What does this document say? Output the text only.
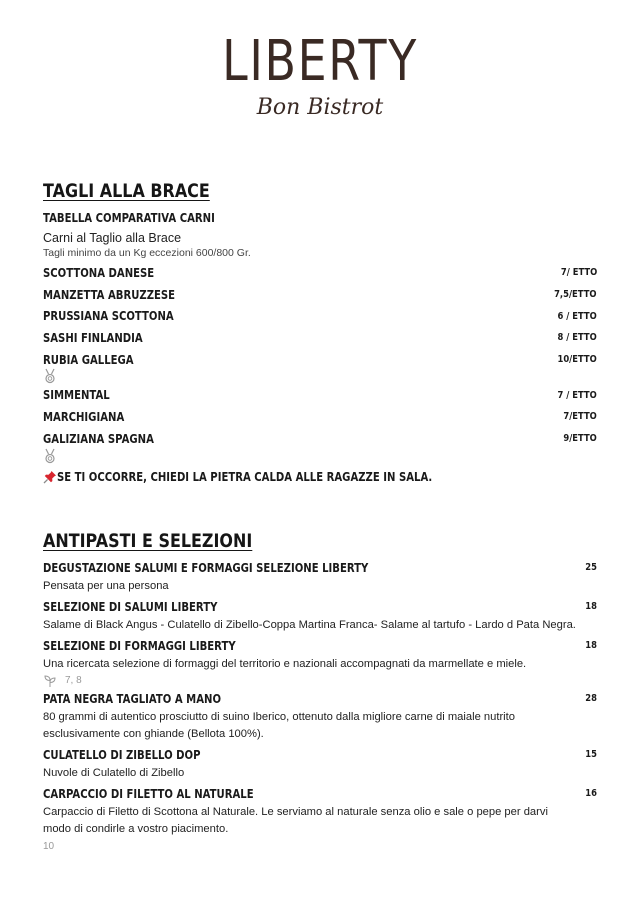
LIBERTY
Bon Bistrot
TAGLI ALLA BRACE
TABELLA COMPARATIVA CARNI
Carni al Taglio alla Brace
Tagli minimo da un Kg eccezioni 600/800 Gr.
SCOTTONA DANESE	7/ ETTO
MANZETTA ABRUZZESE	7,5/ETTO
PRUSSIANA SCOTTONA	6 / ETTO
SASHI FINLANDIA	8 / ETTO
RUBIA GALLEGA	10/ETTO
SIMMENTAL	7 / ETTO
MARCHIGIANA	7/ETTO
GALIZIANA SPAGNA	9/ETTO
SE TI OCCORRE, CHIEDI LA PIETRA CALDA ALLE RAGAZZE IN SALA.
ANTIPASTI E SELEZIONI
DEGUSTAZIONE SALUMI E FORMAGGI SELEZIONE LIBERTY	25
Pensata per una persona
SELEZIONE DI SALUMI LIBERTY	18
Salame di Black Angus - Culatello di Zibello-Coppa Martina Franca- Salame al tartufo - Lardo d Pata Negra.
SELEZIONE DI FORMAGGI LIBERTY	18
Una ricercata selezione di formaggi del territorio e nazionali accompagnati da marmellate e miele.
7, 8
PATA NEGRA TAGLIATO A MANO	28
80 grammi di autentico prosciutto di suino Iberico, ottenuto dalla migliore carne di maiale nutrito esclusivamente con ghiande (Bellota 100%).
CULATELLO DI ZIBELLO DOP	15
Nuvole di Culatello di Zibello
CARPACCIO DI FILETTO AL NATURALE	16
Carpaccio di Filetto di Scottona al Naturale. Le serviamo al naturale senza olio e sale o pepe per darvi modo di condirle a vostro piacimento.
10
